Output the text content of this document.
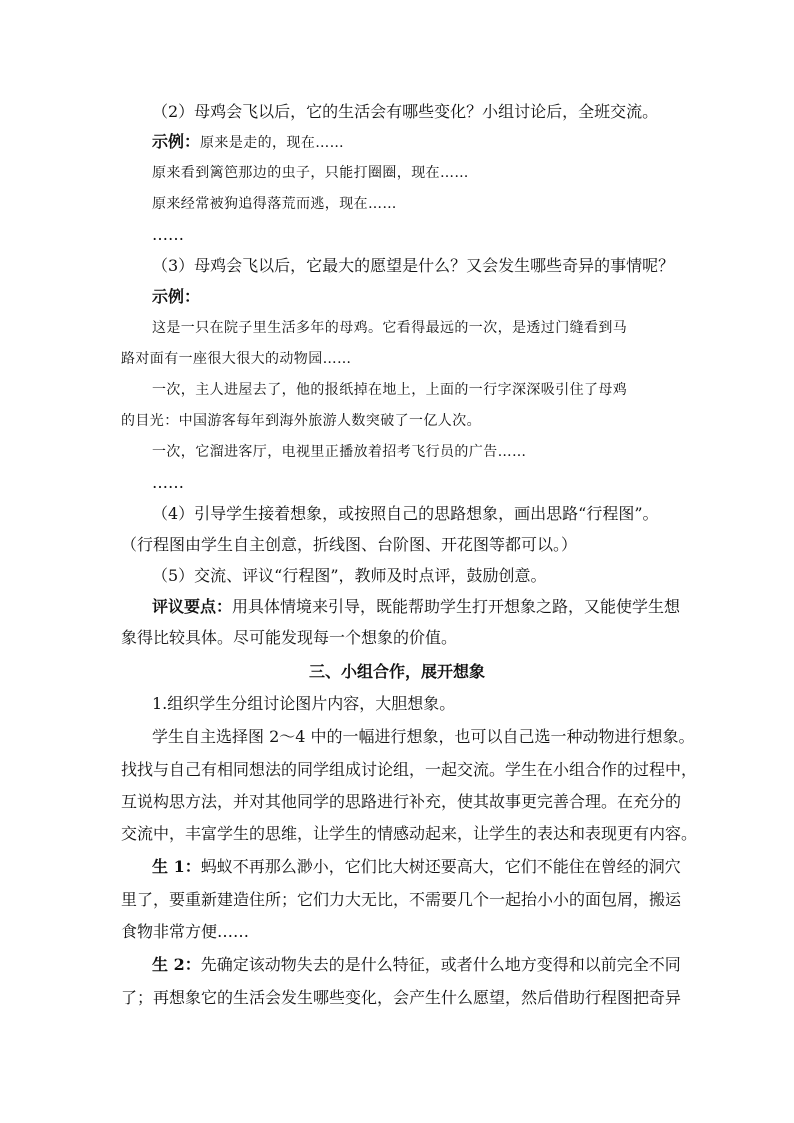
（2）母鸡会飞以后，它的生活会有哪些变化？小组讨论后，全班交流。
示例：原来是走的，现在……
原来看到篱笆那边的虫子，只能打圈圈，现在……
原来经常被狗追得落荒而逃，现在……
……
（3）母鸡会飞以后，它最大的愿望是什么？又会发生哪些奇异的事情呢？
示例：
这是一只在院子里生活多年的母鸡。它看得最远的一次，是透过门缝看到马
路对面有一座很大很大的动物园……
一次，主人进屋去了，他的报纸掉在地上，上面的一行字深深吸引住了母鸡
的目光：中国游客每年到海外旅游人数突破了一亿人次。
一次，它溜进客厅，电视里正播放着招考飞行员的广告……
……
（4）引导学生接着想象，或按照自己的思路想象，画出思路“行程图”。
（行程图由学生自主创意，折线图、台阶图、开花图等都可以。）
（5）交流、评议“行程图”，教师及时点评，鼓励创意。
评议要点：用具体情境来引导，既能帮助学生打开想象之路，又能使学生想
象得比较具体。尽可能发现每一个想象的价值。
三、小组合作，展开想象
1.组织学生分组讨论图片内容，大胆想象。
学生自主选择图 2～4 中的一幅进行想象，也可以自己选一种动物进行想象。
找找与自己有相同想法的同学组成讨论组，一起交流。学生在小组合作的过程中，
互说构思方法，并对其他同学的思路进行补充，使其故事更完善合理。在充分的
交流中，丰富学生的思维，让学生的情感动起来，让学生的表达和表现更有内容。
生 1：蚂蚁不再那么渺小，它们比大树还要高大，它们不能住在曾经的洞穴
里了，要重新建造住所；它们力大无比，不需要几个一起抬小小的面包屑，搬运
食物非常方便……
生 2：先确定该动物失去的是什么特征，或者什么地方变得和以前完全不同
了；再想象它的生活会发生哪些变化，会产生什么愿望，然后借助行程图把奇异
